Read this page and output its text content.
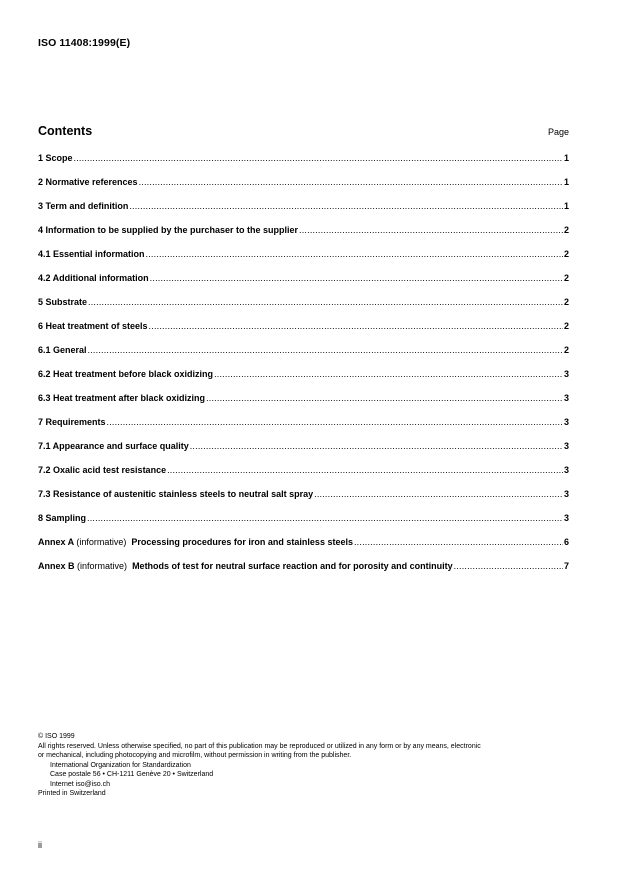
ISO 11408:1999(E)
Contents	Page
1 Scope .....	1
2 Normative references .....	1
3 Term and definition .....	1
4 Information to be supplied by the purchaser to the supplier .....	2
4.1 Essential information .....	2
4.2 Additional information .....	2
5 Substrate .....	2
6 Heat treatment of steels .....	2
6.1 General .....	2
6.2 Heat treatment before black oxidizing .....	3
6.3 Heat treatment after black oxidizing .....	3
7 Requirements .....	3
7.1 Appearance and surface quality .....	3
7.2 Oxalic acid test resistance .....	3
7.3 Resistance of austenitic stainless steels to neutral salt spray .....	3
8 Sampling .....	3
Annex A (informative) Processing procedures for iron and stainless steels .....	6
Annex B (informative) Methods of test for neutral surface reaction and for porosity and continuity .....	7
© ISO 1999
All rights reserved. Unless otherwise specified, no part of this publication may be reproduced or utilized in any form or by any means, electronic
or mechanical, including photocopying and microfilm, without permission in writing from the publisher.
International Organization for Standardization
Case postale 56 • CH-1211 Genève 20 • Switzerland
Internet iso@iso.ch
Printed in Switzerland
ii
